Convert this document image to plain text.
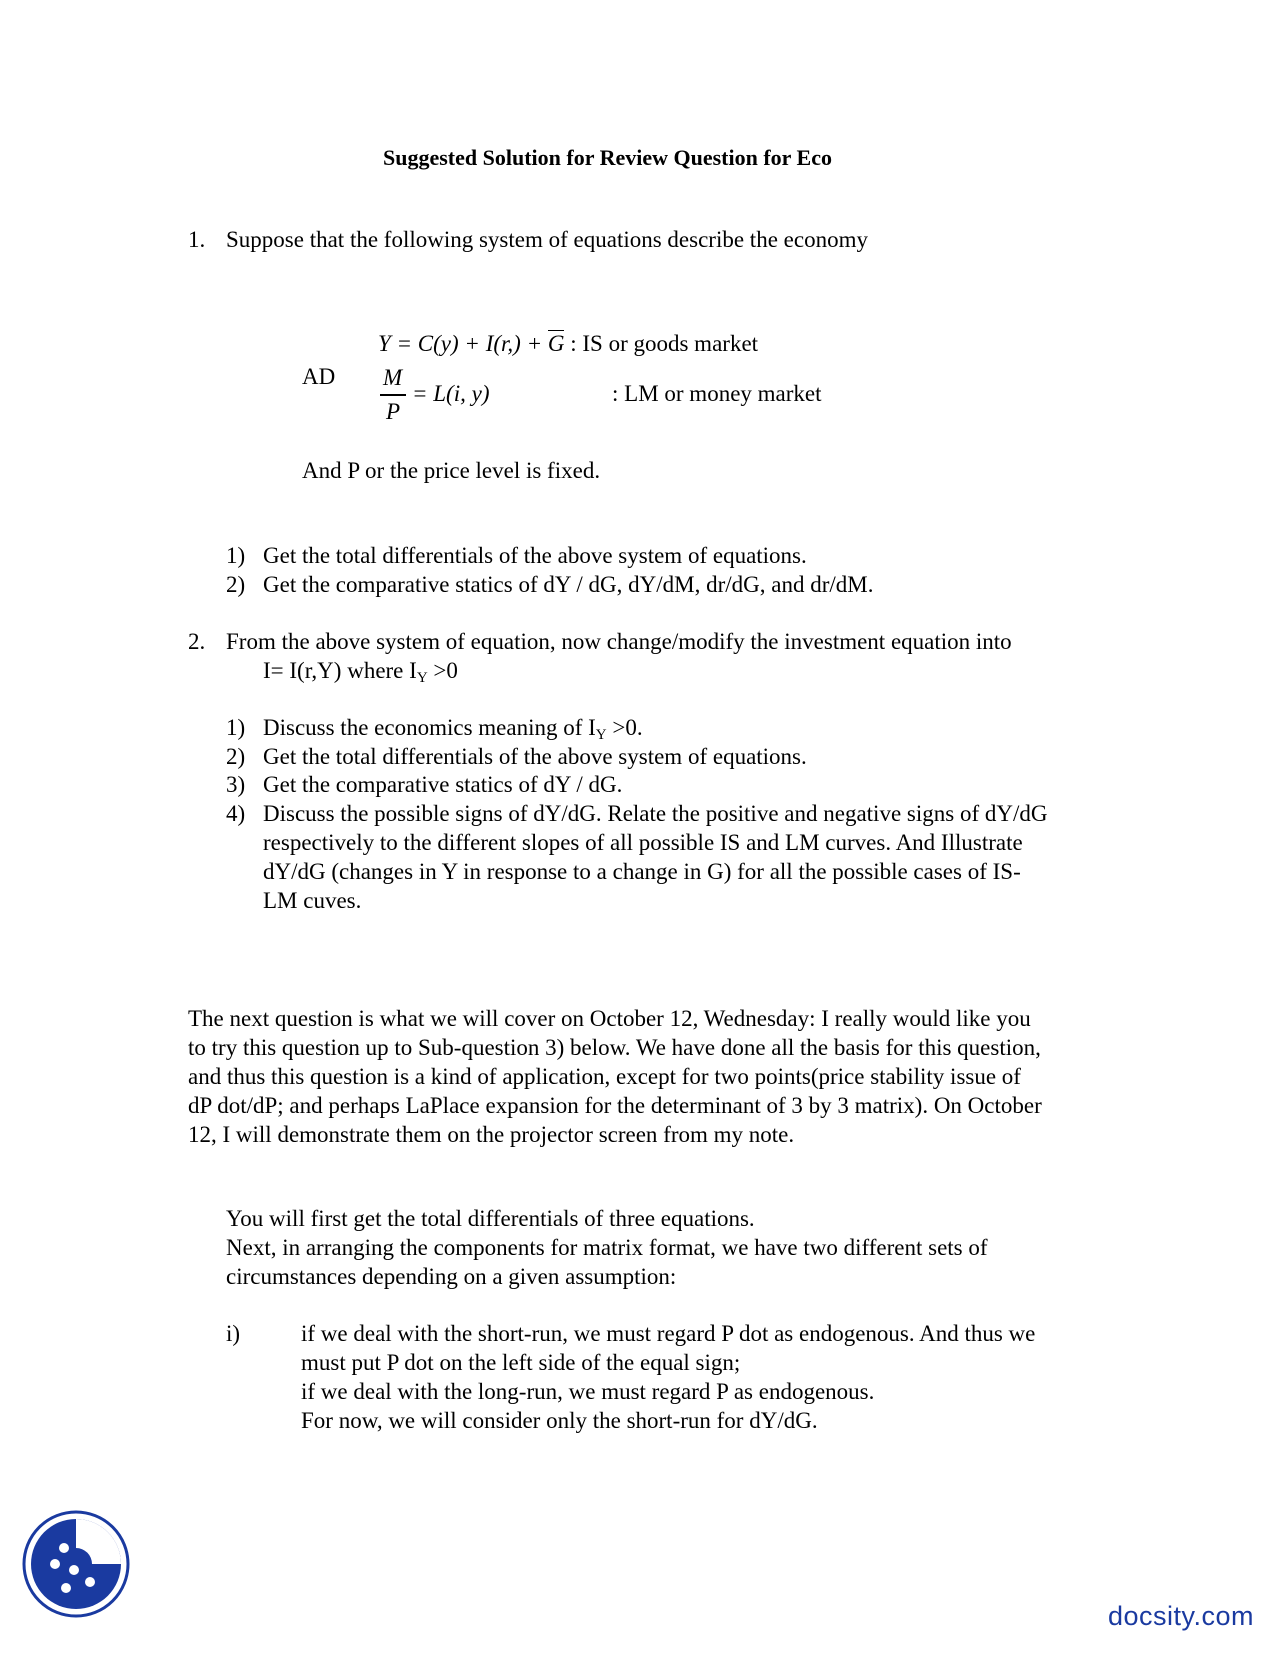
Suggested Solution for Review Question for Eco
1. Suppose that the following system of equations describe the economy
AD
Y = C(y) + I(r,) + G : IS or goods market
M
P
= L(i, y)	: LM or money market
And P or the price level is fixed.
1) Get the total differentials of the above system of equations.
2) Get the comparative statics of dY / dG, dY/dM, dr/dG, and dr/dM.
2. From the above system of equation, now change/modify the investment equation into
I= I(r,Y) where IY >0
1) Discuss the economics meaning of IY >0.
2) Get the total differentials of the above system of equations.
3) Get the comparative statics of dY / dG.
4) Discuss the possible signs of dY/dG. Relate the positive and negative signs of dY/dG
respectively to the different slopes of all possible IS and LM curves. And Illustrate
dY/dG (changes in Y in response to a change in G) for all the possible cases of IS-
LM cuves.
The next question is what we will cover on October 12, Wednesday: I really would like you
to try this question up to Sub-question 3) below. We have done all the basis for this question,
and thus this question is a kind of application, except for two points(price stability issue of
dP dot/dP; and perhaps LaPlace expansion for the determinant of 3 by 3 matrix). On October
12, I will demonstrate them on the projector screen from my note.
You will first get the total differentials of three equations.
Next, in arranging the components for matrix format, we have two different sets of
circumstances depending on a given assumption:
i)	if we deal with the short-run, we must regard P dot as endogenous. And thus we
must put P dot on the left side of the equal sign;
if we deal with the long-run, we must regard P as endogenous.
For now, we will consider only the short-run for dY/dG.
docsity.com
